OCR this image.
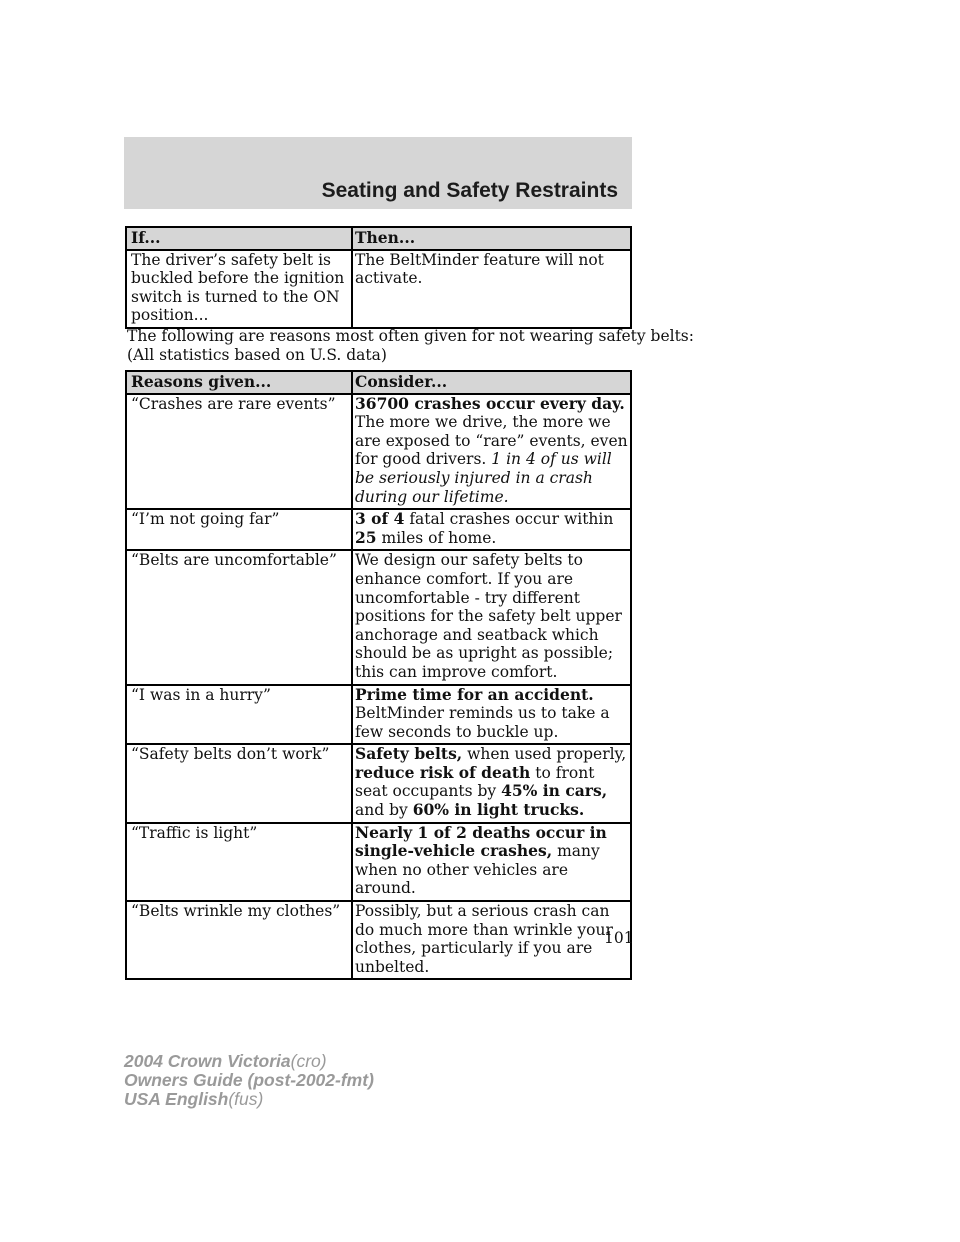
Seating and Safety Restraints
If...	Then...
The driver’s safety belt is buckled before the ignition switch is turned to the ON position...	The BeltMinder feature will not activate.
The following are reasons most often given for not wearing safety belts:
(All statistics based on U.S. data)
Reasons given...	Consider...
“Crashes are rare events”	36700 crashes occur every day. The more we drive, the more we are exposed to “rare” events, even for good drivers. 1 in 4 of us will be seriously injured in a crash during our lifetime.
“I’m not going far”	3 of 4 fatal crashes occur within 25 miles of home.
“Belts are uncomfortable”	We design our safety belts to enhance comfort. If you are uncomfortable - try different positions for the safety belt upper anchorage and seatback which should be as upright as possible; this can improve comfort.
“I was in a hurry”	Prime time for an accident. BeltMinder reminds us to take a few seconds to buckle up.
“Safety belts don’t work”	Safety belts, when used properly, reduce risk of death to front seat occupants by 45% in cars, and by 60% in light trucks.
“Traffic is light”	Nearly 1 of 2 deaths occur in single-vehicle crashes, many when no other vehicles are around.
“Belts wrinkle my clothes”	Possibly, but a serious crash can do much more than wrinkle your clothes, particularly if you are unbelted.
101
2004 Crown Victoria(cro)
Owners Guide (post-2002-fmt)
USA English(fus)
